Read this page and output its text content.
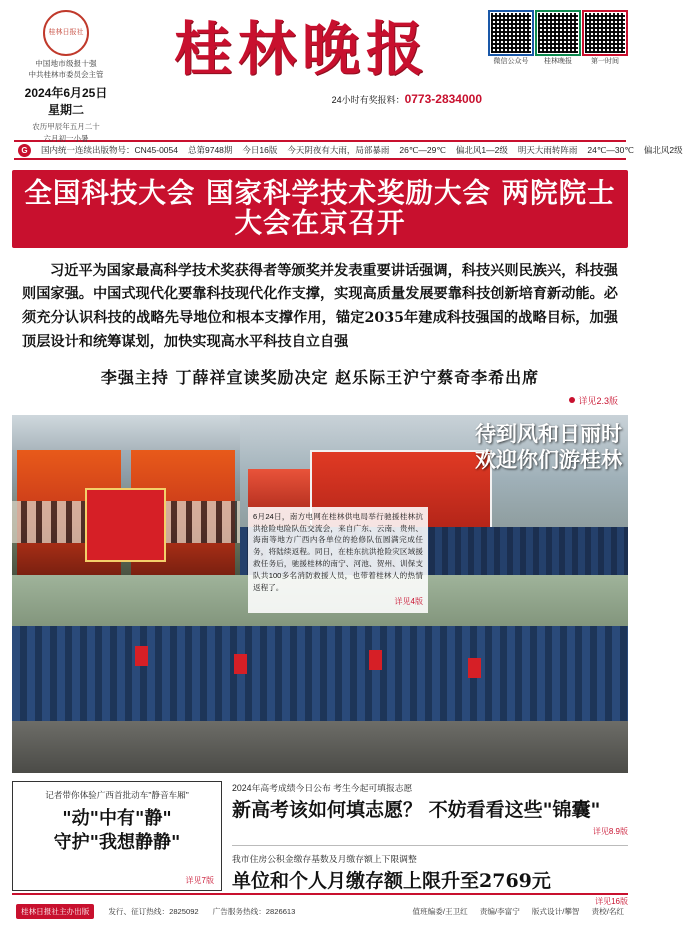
桂林日报社
中国地市级报十强
中共桂林市委员会主管
2024年6月25日
星期二
农历甲辰年五月二十
六月初一小暑
桂林晚报
24小时有奖报料：0773-2834000
微信公众号	桂林晚报	第一时间
G	国内统一连续出版物号：CN45-0054 总第9748期 今日16版 今天阴夜有大雨，局部暴雨 26℃—29℃ 偏北风1—2级 明天大雨转阵雨 24℃—30℃ 偏北风2级
全国科技大会 国家科学技术奖励大会 两院院士大会在京召开
习近平为国家最高科学技术奖获得者等颁奖并发表重要讲话强调，科技兴则民族兴，科技强则国家强。中国式现代化要靠科技现代化作支撑，实现高质量发展要靠科技创新培育新动能。必须充分认识科技的战略先导地位和根本支撑作用，锚定2035年建成科技强国的战略目标，加强顶层设计和统筹谋划，加快实现高水平科技自立自强
李强主持 丁薛祥宣读奖励决定 赵乐际王沪宁蔡奇李希出席
详见2.3版
待到风和日丽时
欢迎你们游桂林
6月24日，南方电网在桂林供电局举行驰援桂林抗洪抢险电险队伍交流会，来自广东、云南、贵州、海南等地方广西内各单位的抢修队伍圆满完成任务，将陆续返程。同日，在桂东抗洪抢险灾区域援救任务后，驰援桂林的南宁、河池、贺州、训保支队共100多名消防救援人员，也带着桂林人的热情返程了。
详见4版
记者带你体验广西首批动车"静音车厢"
"动"中有"静"
守护"我想静静"
详见7版
2024年高考成绩今日公布 考生今起可填报志愿
新高考该如何填志愿？ 不妨看看这些"锦囊"
详见8.9版
我市住房公积金缴存基数及月缴存额上下限调整
单位和个人月缴存额上限升至2769元
详见16版
桂林日报社主办出版	发行、征订热线：2825092 广告服务热线：2826613	值班编委/王卫红 责编/李富宁 版式设计/攀智 责校/名红
